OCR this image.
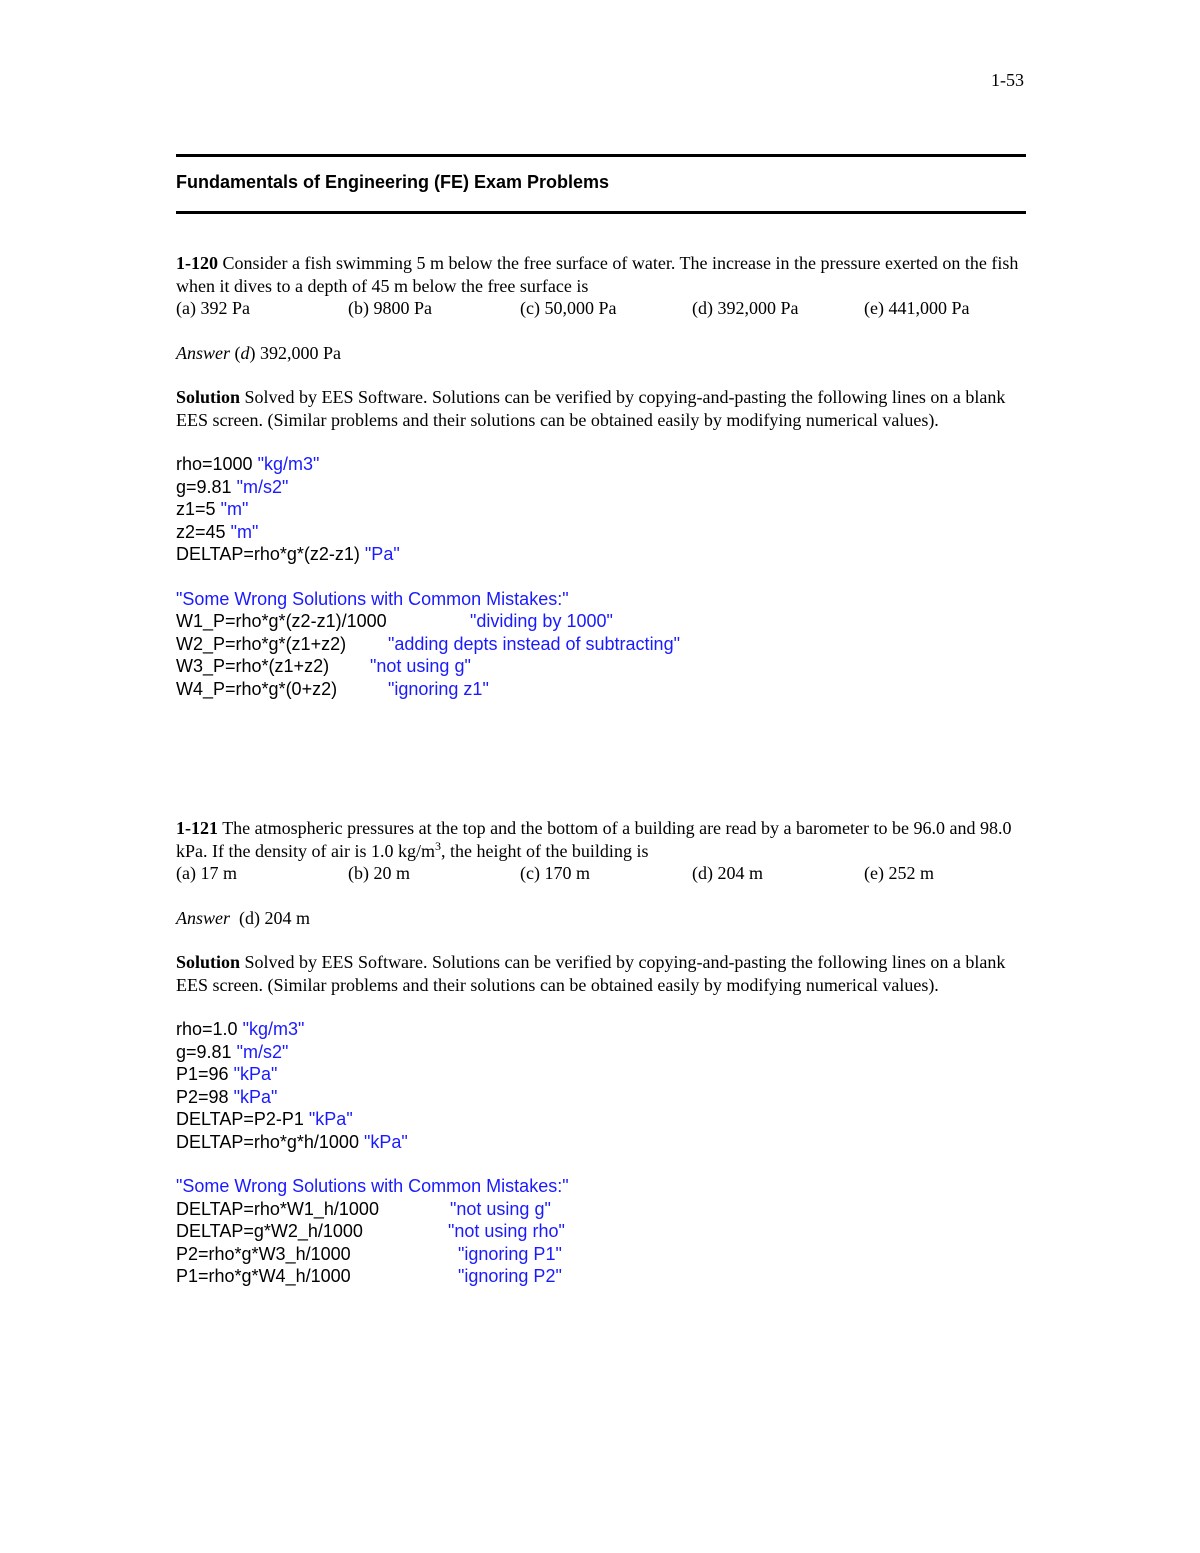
1-53
Fundamentals of Engineering (FE) Exam Problems

1-120 Consider a fish swimming 5 m below the free surface of water. The increase in the pressure exerted on the fish when it dives to a depth of 45 m below the free surface is

(a) 392 Pa	(b) 9800 Pa	(c) 50,000 Pa	(d) 392,000 Pa	(e) 441,000 Pa

Answer (d) 392,000 Pa

Solution Solved by EES Software. Solutions can be verified by copying-and-pasting the following lines on a blank EES screen. (Similar problems and their solutions can be obtained easily by modifying numerical values).

rho=1000 "kg/m3"
g=9.81 "m/s2"
z1=5 "m"
z2=45 "m"
DELTAP=rho*g*(z2-z1) "Pa"
"Some Wrong Solutions with Common Mistakes:"
W1_P=rho*g*(z2-z1)/1000	"dividing by 1000"
W2_P=rho*g*(z1+z2) "adding depts instead of subtracting"
W3_P=rho*(z1+z2) "not using g"
W4_P=rho*g*(0+z2)	"ignoring z1"

1-121 The atmospheric pressures at the top and the bottom of a building are read by a barometer to be 96.0 and 98.0 kPa. If the density of air is 1.0 $kg/m^3$, the height of the building is

(a) 17 m	(b) 20 m	(c) 170 m	(d) 204 m	(e) 252 m

Answer  (d) 204 m

Solution Solved by EES Software. Solutions can be verified by copying-and-pasting the following lines on a blank EES screen. (Similar problems and their solutions can be obtained easily by modifying numerical values).

rho=1.0 "kg/m3"
g=9.81 "m/s2"
P1=96 "kPa"
P2=98 "kPa"
DELTAP=P2-P1 "kPa"
DELTAP=rho*g*h/1000 "kPa"
"Some Wrong Solutions with Common Mistakes:"
DELTAP=rho*W1_h/1000	"not using g"
DELTAP=g*W2_h/1000	"not using rho"
P2=rho*g*W3_h/1000	"ignoring P1"
P1=rho*g*W4_h/1000	"ignoring P2"
